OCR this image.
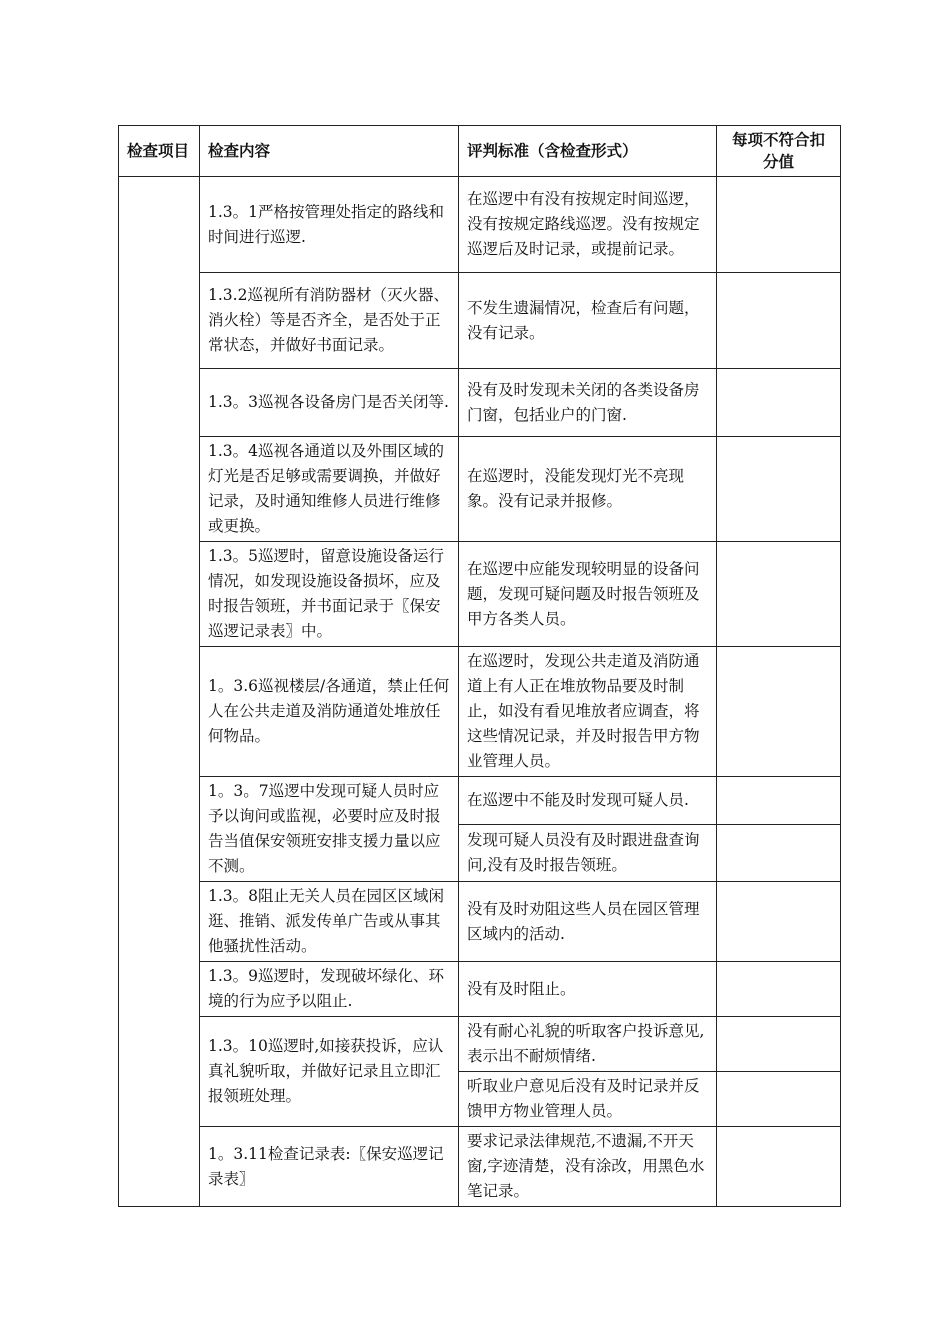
检查项目	检查内容	评判标准（含检查形式）	每项不符合扣分值
	1.3。1严格按管理处指定的路线和时间进行巡逻.	在巡逻中有没有按规定时间巡逻，没有按规定路线巡逻。没有按规定巡逻后及时记录，或提前记录。	
	1.3.2巡视所有消防器材（灭火器、消火栓）等是否齐全，是否处于正常状态，并做好书面记录。	不发生遗漏情况，检查后有问题，没有记录。	
	1.3。3巡视各设备房门是否关闭等.	没有及时发现未关闭的各类设备房门窗，包括业户的门窗.	
	1.3。4巡视各通道以及外围区域的灯光是否足够或需要调换，并做好记录，及时通知维修人员进行维修或更换。	在巡逻时，没能发现灯光不亮现象。没有记录并报修。	
	1.3。5巡逻时，留意设施设备运行情况，如发现设施设备损坏，应及时报告领班，并书面记录于〖保安巡逻记录表〗中。	在巡逻中应能发现较明显的设备问题，发现可疑问题及时报告领班及甲方各类人员。	
	1。3.6巡视楼层/各通道，禁止任何人在公共走道及消防通道处堆放任何物品。	在巡逻时，发现公共走道及消防通道上有人正在堆放物品要及时制止，如没有看见堆放者应调查，将这些情况记录，并及时报告甲方物业管理人员。	
	1。3。7巡逻中发现可疑人员时应予以询问或监视，必要时应及时报告当值保安领班安排支援力量以应不测。	在巡逻中不能及时发现可疑人员.	
		发现可疑人员没有及时跟进盘查询问,没有及时报告领班。	
	1.3。8阻止无关人员在园区区域闲逛、推销、派发传单广告或从事其他骚扰性活动。	没有及时劝阻这些人员在园区管理区域内的活动.	
	1.3。9巡逻时，发现破坏绿化、环境的行为应予以阻止.	没有及时阻止。	
	1.3。10巡逻时,如接获投诉，应认真礼貌听取，并做好记录且立即汇报领班处理。	没有耐心礼貌的听取客户投诉意见,表示出不耐烦情绪.	
		听取业户意见后没有及时记录并反馈甲方物业管理人员。	
	1。3.11检查记录表:〖保安巡逻记录表〗	要求记录法律规范,不遗漏,不开天窗,字迹清楚，没有涂改，用黑色水笔记录。	
